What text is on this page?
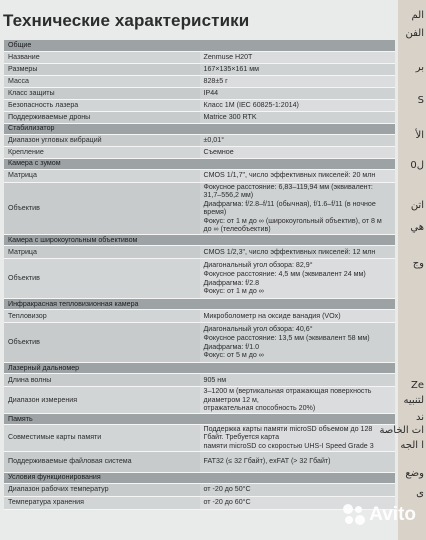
Технические характеристики
Общие	
Название	Zenmuse H20T

Размеры	167×135×161 мм

Масса	828±5 г

Класс защиты	IP44

Безопасность лазера	Класс 1M (IEC 60825-1:2014)

Поддерживаемые дроны	Matrice 300 RTK

Стабилизатор	
Диапазон угловых вибраций	±0,01°

Крепление	Съемное

Камера с зумом	
Матрица	CMOS 1/1,7", число эффективных пикселей: 20 млн

Объектив	Фокусное расстояние: 6,83–119,94 мм (эквивалент: 31,7–556,2 мм)
Диафрагма: f/2.8–f/11 (обычная), f/1.6–f/11 (в ночное время)
Фокус: от 1 м до ∞ (широкоугольный объектив), от 8 м до ∞ (телеобъектив)

Камера с широкоугольным объективом	
Матрица	CMOS 1/2,3", число эффективных пикселей: 12 млн

Объектив	Диагональный угол обзора: 82,9°
Фокусное расстояние: 4,5 мм (эквивалент 24 мм)
Диафрагма: f/2.8
Фокус: от 1 м до ∞

Инфракрасная тепловизионная камера	
Тепловизор	Микроболометр на оксиде ванадия (VOx)

Объектив	Диагональный угол обзора: 40,6°
Фокусное расстояние: 13,5 мм (эквивалент 58 мм)
Диафрагма: f/1.0
Фокус: от 5 м до ∞

Лазерный дальномер	
Длина волны	905 нм

Диапазон измерения	3–1200 м (вертикальная отражающая поверхность диаметром 12 м,
отражательная способность 20%)

Память	
Совместимые карты памяти	Поддержка карты памяти microSD объемом до 128 Гбайт. Требуется карта
памяти microSD со скоростью UHS-I Speed Grade 3

Поддерживаемые файловая система	FAT32 (≤ 32 Гбайт), exFAT (> 32 Гбайт)

Условия функционирования	
Диапазон рабочих температур	от -20 до 50°C

Температура хранения	от -20 до 60°C
الم
الفن
بر
S
الأ
ل0
اتن
هي
وج
Ze
لتنبيه
ند
ات الخاصة
ا الجه
وضع
ى
Avito
